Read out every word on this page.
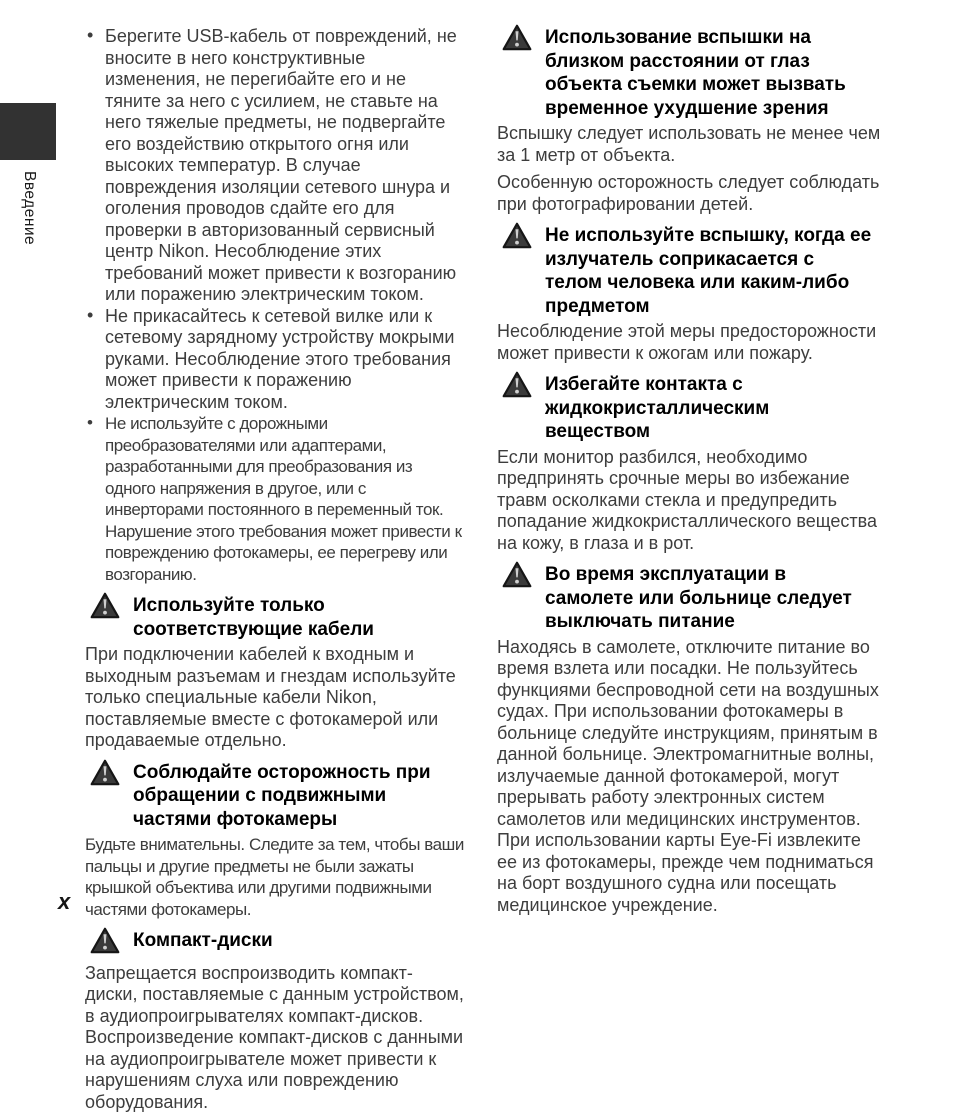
Введение
x
• Берегите USB-кабель от повреждений, не вносите в него конструктивные изменения, не перегибайте его и не тяните за него с усилием, не ставьте на него тяжелые предметы, не подвергайте его воздействию открытого огня или высоких температур. В случае повреждения изоляции сетевого шнура и оголения проводов сдайте его для проверки в авторизованный сервисный центр Nikon. Несоблюдение этих требований может привести к возгоранию или поражению электрическим током.
• Не прикасайтесь к сетевой вилке или к сетевому зарядному устройству мокрыми руками. Несоблюдение этого требования может привести к поражению электрическим током.
• Не используйте с дорожными преобразователями или адаптерами, разработанными для преобразования из одного напряжения в другое, или с инверторами постоянного в переменный ток. Нарушение этого требования может привести к повреждению фотокамеры, ее перегреву или возгоранию.
Используйте только соответствующие кабели

При подключении кабелей к входным и выходным разъемам и гнездам используйте только специальные кабели Nikon, поставляемые вместе с фотокамерой или продаваемые отдельно.

Соблюдайте осторожность при обращении с подвижными частями фотокамеры

Будьте внимательны. Следите за тем, чтобы ваши пальцы и другие предметы не были зажаты крышкой объектива или другими подвижными частями фотокамеры.

Компакт-диски

Запрещается воспроизводить компакт-диски, поставляемые с данным устройством, в аудиопроигрывателях компакт-дисков. Воспроизведение компакт-дисков с данными на аудиопроигрывателе может привести к нарушениям слуха или повреждению оборудования.

Использование вспышки на близком расстоянии от глаз объекта съемки может вызвать временное ухудшение зрения

Вспышку следует использовать не менее чем за 1 метр от объекта.

Особенную осторожность следует соблюдать при фотографировании детей.

Не используйте вспышку, когда ее излучатель соприкасается с телом человека или каким-либо предметом

Несоблюдение этой меры предосторожности может привести к ожогам или пожару.

Избегайте контакта с жидкокристаллическим веществом

Если монитор разбился, необходимо предпринять срочные меры во избежание травм осколками стекла и предупредить попадание жидкокристаллического вещества на кожу, в глаза и в рот.

Во время эксплуатации в самолете или больнице следует выключать питание

Находясь в самолете, отключите питание во время взлета или посадки. Не пользуйтесь функциями беспроводной сети на воздушных судах. При использовании фотокамеры в больнице следуйте инструкциям, принятым в данной больнице. Электромагнитные волны, излучаемые данной фотокамерой, могут прерывать работу электронных систем самолетов или медицинских инструментов. При использовании карты Eye-Fi извлеките ее из фотокамеры, прежде чем подниматься на борт воздушного судна или посещать медицинское учреждение.
